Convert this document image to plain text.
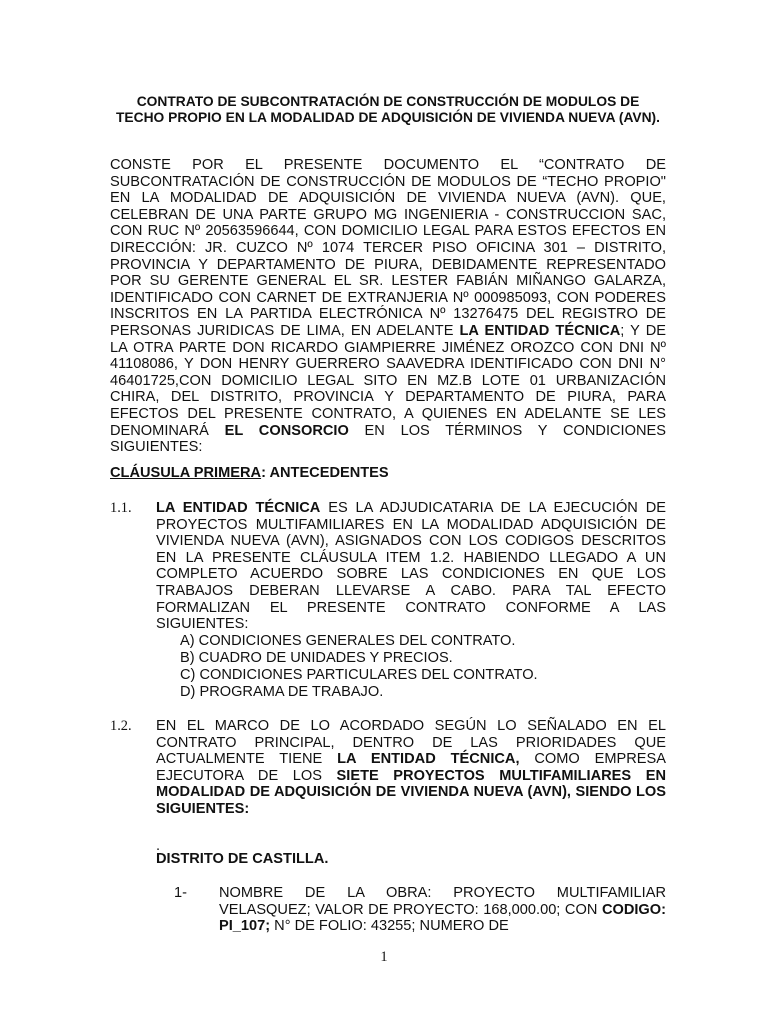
CONTRATO DE SUBCONTRATACIÓN DE CONSTRUCCIÓN DE MODULOS DE TECHO PROPIO EN LA MODALIDAD DE ADQUISICIÓN DE VIVIENDA NUEVA (AVN).
CONSTE POR EL PRESENTE DOCUMENTO EL “CONTRATO DE SUBCONTRATACIÓN DE CONSTRUCCIÓN DE MODULOS DE “TECHO PROPIO" EN LA MODALIDAD DE ADQUISICIÓN DE VIVIENDA NUEVA (AVN). QUE, CELEBRAN DE UNA PARTE GRUPO MG INGENIERIA - CONSTRUCCION SAC, CON RUC Nº 20563596644, CON DOMICILIO LEGAL PARA ESTOS EFECTOS EN DIRECCIÓN: JR. CUZCO Nº 1074 TERCER PISO OFICINA 301 – DISTRITO, PROVINCIA Y DEPARTAMENTO DE PIURA, DEBIDAMENTE REPRESENTADO POR SU GERENTE GENERAL EL SR. LESTER FABIÁN MIÑANGO GALARZA, IDENTIFICADO CON CARNET DE EXTRANJERIA Nº 000985093, CON PODERES INSCRITOS EN LA PARTIDA ELECTRÓNICA Nº 13276475 DEL REGISTRO DE PERSONAS JURIDICAS DE LIMA, EN ADELANTE LA ENTIDAD TÉCNICA; Y DE LA OTRA PARTE DON RICARDO GIAMPIERRE JIMÉNEZ OROZCO CON DNI Nº 41108086, Y DON HENRY GUERRERO SAAVEDRA IDENTIFICADO CON DNI N° 46401725,CON DOMICILIO LEGAL SITO EN MZ.B LOTE 01 URBANIZACIÓN CHIRA, DEL DISTRITO, PROVINCIA Y DEPARTAMENTO DE PIURA, PARA EFECTOS DEL PRESENTE CONTRATO, A QUIENES EN ADELANTE SE LES DENOMINARÁ EL CONSORCIO EN LOS TÉRMINOS Y CONDICIONES SIGUIENTES:
CLÁUSULA PRIMERA: ANTECEDENTES
1.1. LA ENTIDAD TÉCNICA ES LA ADJUDICATARIA DE LA EJECUCIÓN DE PROYECTOS MULTIFAMILIARES EN LA MODALIDAD ADQUISICIÓN DE VIVIENDA NUEVA (AVN), ASIGNADOS CON LOS CODIGOS DESCRITOS EN LA PRESENTE CLÁUSULA ITEM 1.2. HABIENDO LLEGADO A UN COMPLETO ACUERDO SOBRE LAS CONDICIONES EN QUE LOS TRABAJOS DEBERAN LLEVARSE A CABO. PARA TAL EFECTO FORMALIZAN EL PRESENTE CONTRATO CONFORME A LAS SIGUIENTES:
A) CONDICIONES GENERALES DEL CONTRATO.
B) CUADRO DE UNIDADES Y PRECIOS.
C) CONDICIONES PARTICULARES DEL CONTRATO.
D) PROGRAMA DE TRABAJO.
1.2. EN EL MARCO DE LO ACORDADO SEGÚN LO SEÑALADO EN EL CONTRATO PRINCIPAL, DENTRO DE LAS PRIORIDADES QUE ACTUALMENTE TIENE LA ENTIDAD TÉCNICA, COMO EMPRESA EJECUTORA DE LOS SIETE PROYECTOS MULTIFAMILIARES EN MODALIDAD DE ADQUISICIÓN DE VIVIENDA NUEVA (AVN), SIENDO LOS SIGUIENTES:
.
DISTRITO DE CASTILLA.
1- NOMBRE DE LA OBRA: PROYECTO MULTIFAMILIAR VELASQUEZ; VALOR DE PROYECTO: 168,000.00; CON CODIGO: PI_107; N° DE FOLIO: 43255; NUMERO DE
1
